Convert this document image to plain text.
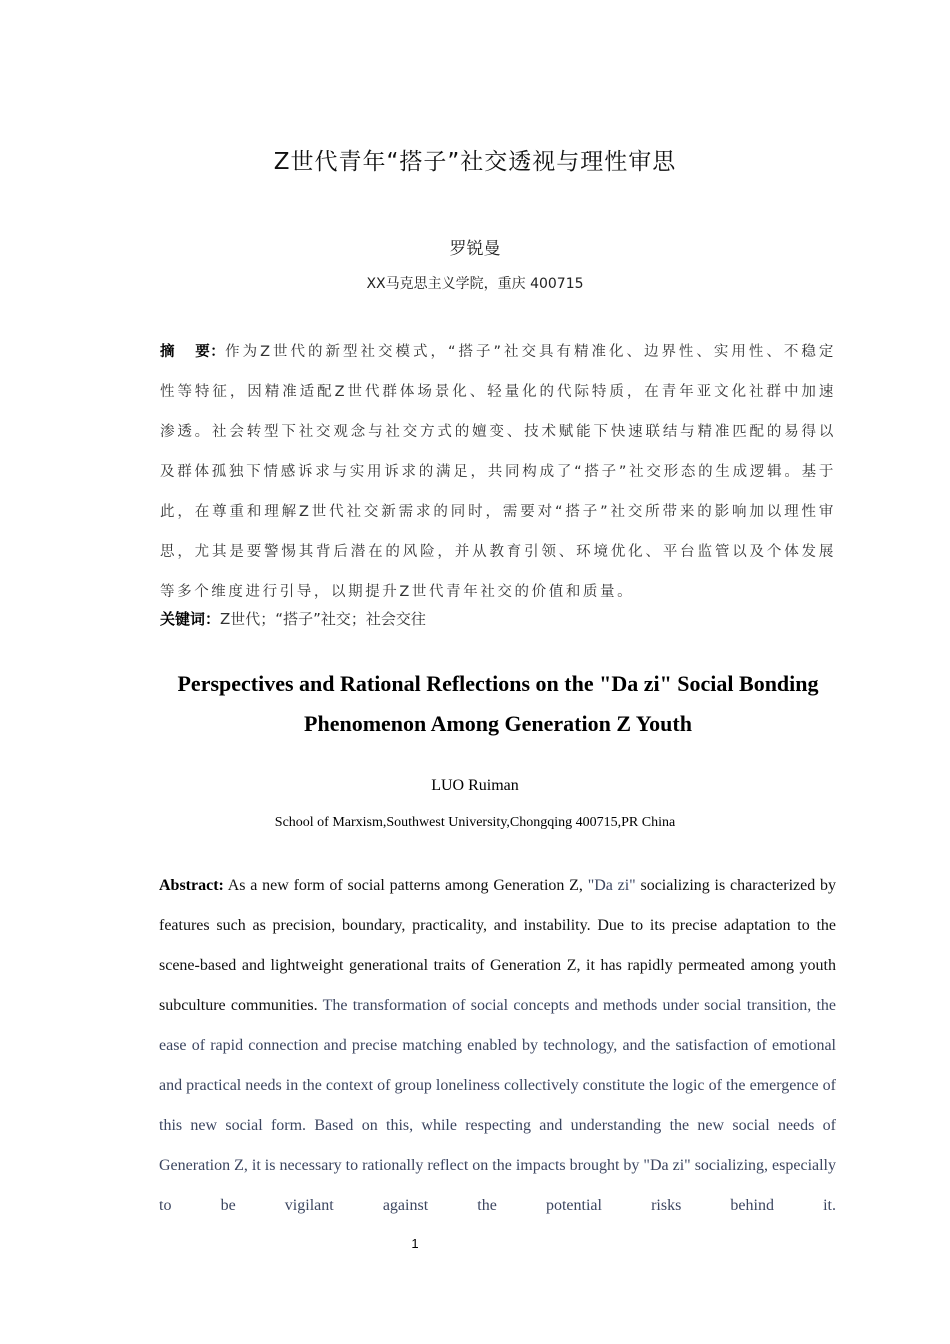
Z世代青年“搭子”社交透视与理性审思
罗锐曼
XX马克思主义学院，重庆 400715
摘 要：作为Z世代的新型社交模式，“搭子”社交具有精准化、边界性、实用性、不稳定性等特征，因精准适配Z世代群体场景化、轻量化的代际特质，在青年亚文化社群中加速渗透。社会转型下社交观念与社交方式的嬗变、技术赋能下快速联结与精准匹配的易得以及群体孤独下情感诉求与实用诉求的满足，共同构成了“搭子”社交形态的生成逻辑。基于此，在尊重和理解Z世代社交新需求的同时，需要对“搭子”社交所带来的影响加以理性审思，尤其是要警惕其背后潜在的风险，并从教育引领、环境优化、平台监管以及个体发展等多个维度进行引导，以期提升Z世代青年社交的价值和质量。
关键词：Z世代；“搭子”社交；社会交往
Perspectives and Rational Reflections on the "Da zi" Social Bonding Phenomenon Among Generation Z Youth
LUO Ruiman
School of Marxism,Southwest University,Chongqing 400715,PR China
Abstract: As a new form of social patterns among Generation Z, "Da zi" socializing is characterized by features such as precision, boundary, practicality, and instability. Due to its precise adaptation to the scene-based and lightweight generational traits of Generation Z, it has rapidly permeated among youth subculture communities. The transformation of social concepts and methods under social transition, the ease of rapid connection and precise matching enabled by technology, and the satisfaction of emotional and practical needs in the context of group loneliness collectively constitute the logic of the emergence of this new social form. Based on this, while respecting and understanding the new social needs of Generation Z, it is necessary to rationally reflect on the impacts brought by "Da zi" socializing, especially to be vigilant against the potential risks behind it.
1
